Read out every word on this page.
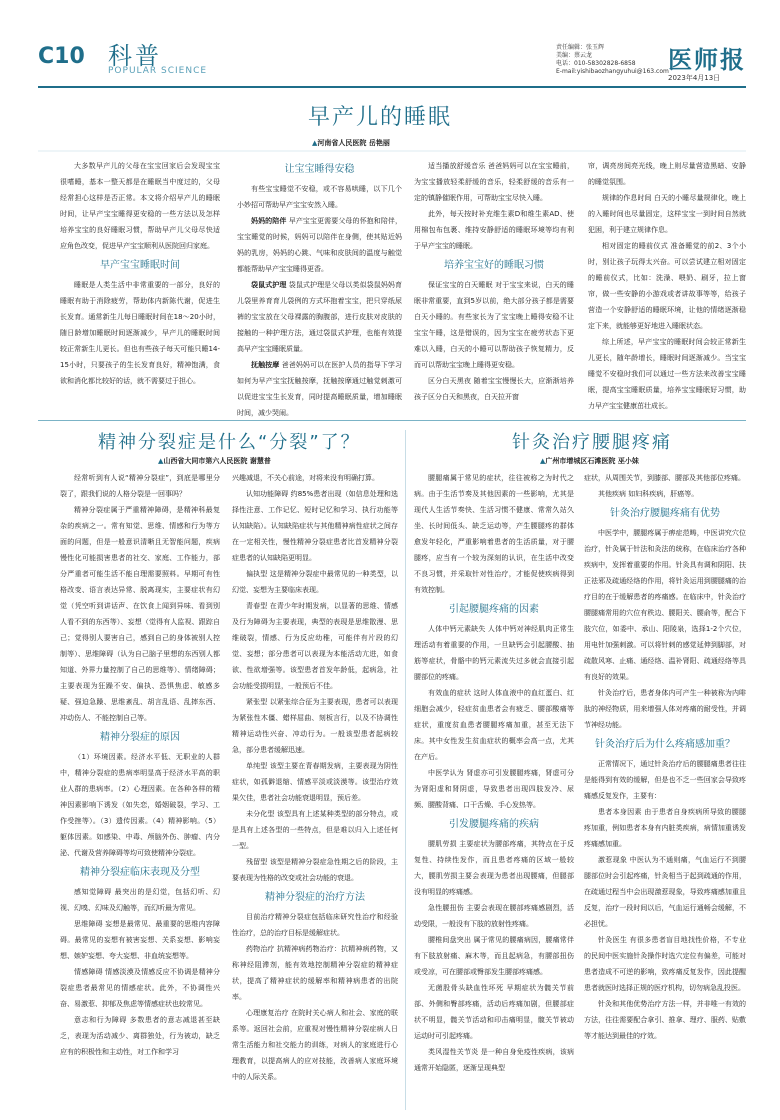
C10 科普
POPULAR SCIENCE
责任编辑：张玉辉
美编：蔡云龙
电话：010-58302828-6858
E-mail:yishibaozhangyuhui@163.com 医师报
2023年4月13日
早产儿的睡眠
▲河南省人民医院 岳艳丽

大多数早产儿的父母在宝宝回家后会发现宝宝很嗜睡，基本一整天都是在睡眠当中度过的，父母经常担心这样是否正常。本文将介绍早产儿的睡眠时间，让早产宝宝睡得更安稳的一些方法以及怎样培养宝宝的良好睡眠习惯，帮助早产儿父母尽快适应角色改变，促进早产宝宝顺利从医院回归家庭。

早产宝宝睡眠时间

睡眠是人类生活中非常重要的一部分，良好的睡眠有助于消除疲劳，帮助体内新陈代谢，促进生长发育。通常新生儿每日睡眠时间在18～20小时，随日龄增加睡眠时间逐渐减少，早产儿的睡眠时间较正常新生儿更长。但也有些孩子每天可能只睡14-15小时，只要孩子的生长发育良好，精神饱满，食欲和消化都比较好的话，就不需要过于担心。

让宝宝睡得安稳

有些宝宝睡觉不安稳，或不容易哄睡，以下几个小妙招可帮助早产宝宝安然入睡。

妈妈的陪伴 早产宝宝更需要父母的怀抱和陪伴，宝宝睡觉的时候，妈妈可以陪伴在身侧，使其贴近妈妈的乳房，妈妈的心跳、气味和皮肤间的温度与触觉都能帮助早产宝宝睡得更香。

袋鼠式护理 袋鼠式护理是父母以类似袋鼠妈妈育儿袋里养育育儿袋例的方式环抱着宝宝，把只穿纸尿裤的宝宝放在父母裸露的胸腹部，进行皮肤对皮肤的接触的一种护理方法，通过袋鼠式护理，也能有效提高早产宝宝睡眠质量。

抚触按摩 爸爸妈妈可以在医护人员的指导下学习如何为早产宝宝抚触按摩，抚触按摩通过触觉刺激可以促进宝宝生长发育，同时提高睡眠质量，增加睡眠时间，减少哭闹。

适当播放舒缓音乐 爸爸妈妈可以在宝宝睡前，为宝宝播放轻柔舒缓的音乐，轻柔舒缓的音乐有一定的镇静催眠作用，可帮助宝宝尽快入睡。

此外，每天按时补充维生素D和维生素AD、使用棉包布包裹、维持安静舒适的睡眠环境等均有利于早产宝宝的睡眠。

培养宝宝好的睡眠习惯

保证宝宝的白天睡眠 对于宝宝来说，白天的睡眠非常重要，直到5岁以前，绝大部分孩子都是需要白天小睡的。有些家长为了宝宝晚上睡得安稳不让宝宝午睡，这是错误的，因为宝宝在疲劳状态下更难以入睡，白天的小睡可以帮助孩子恢复精力，反而可以帮助宝宝晚上睡得更安稳。

区分白天黑夜 随着宝宝慢慢长大，应渐渐培养孩子区分白天和黑夜，白天拉开窗

帘，调亮房间亮光线，晚上则尽量营造黑暗、安静的睡觉氛围。

规律的作息时间 白天的小睡尽量规律化，晚上的入睡时间也尽量固定，这样宝宝一到时间自然就犯困，利于建立规律作息。

相对固定的睡前仪式 准备睡觉的前2、3个小时，别让孩子玩得太兴奋。可以尝试建立相对固定的睡前仪式，比如：洗澡、喂奶、刷牙，拉上窗帘，做一些安静的小游戏或者讲故事等等，给孩子营造一个安静舒适的睡眠环境，让他的情绪逐渐稳定下来，就能够更好地进入睡眠状态。

综上所述，早产宝宝的睡眠时间会较正常新生儿更长，随年龄增长，睡眠时间逐渐减少。当宝宝睡觉不安稳时我们可以通过一些方法来改善宝宝睡眠，提高宝宝睡眠质量，培养宝宝睡眠好习惯，助力早产宝宝健康茁壮成长。

精神分裂症是什么“分裂”了？
▲山西省大同市第六人民医院 谢慧普

经常听到有人说“精神分裂症”，到底是哪里分裂了，跟我们说的人格分裂是一回事吗？

精神分裂症属于严重精神障碍，是精神科最复杂的疾病之一。常有知觉、思维、情感和行为等方面的问题，但是一般意识清晰且无智能问题，疾病慢性化可能损害患者的社交、家庭、工作能力，部分严重者可能生活不能自理需要照料。早期可有性格改变、语言表达异常、脱离现实，主要症状有幻觉（凭空听到讲话声、在饮食上闻到异味、看到别人看不到的东西等）、妄想（觉得有人监视、跟踪自己；觉得别人要害自己，感到自己的身体被别人控制等）、思维障碍（认为自己脑子里想的东西别人都知道、外界力量控制了自己的思维等）、情绪障碍；主要表现为狂躁不安、偏执、恐惧焦虑、敏感多疑、强迫急躁、思维紊乱、胡言乱语、乱摔东西、冲动伤人、不能控制自己等。

精神分裂症的原因

（1）环境因素。经济水平低、无职业的人群中，精神分裂症的患病率明显高于经济水平高的职业人群的患病率。（2）心理因素。在各种各样的精神因素影响下诱发（如失恋，婚姻破裂，学习、工作受挫等）。（3）遗传因素。（4）精神影响。（5）躯体因素。如感染、中毒、颅脑外伤、肿瘤、内分泌、代谢及营养障碍等均可致使精神分裂症。

精神分裂症临床表现及分型

感知觉障碍 最突出的是幻觉，包括幻听、幻视、幻嗅、幻味及幻触等，而幻听最为常见。

思维障碍 妄想是最常见、最重要的思维内容障碍。最常见的妄想有被害妄想、关系妄想、影响妄想、嫉妒妄想、夸大妄想、非血统妄想等。

情感障碍 情感淡漠及情感反应不协调是精神分裂症患者最常见的情感症状。此外，不协调性兴奋、易激惹、抑郁及焦虑等情感症状也较常见。

意志和行为障碍 多数患者的意志减退甚至缺乏，表现为活动减少、离群独处，行为被动，缺乏应有的积极性和主动性，对工作和学习

兴趣减退，不关心前途，对将来没有明确打算。

认知功能障碍 约85%患者出现（如信息处理和选择性注意、工作记忆、短时记忆和学习、执行功能等认知缺陷）。认知缺陷症状与其他精神病性症状之间存在一定相关性，慢性精神分裂症患者比首发精神分裂症患者的认知缺陷更明显。

偏执型 这是精神分裂症中最常见的一种类型，以幻觉、妄想为主要临床表现。

青春型 在青少年时期发病，以显著的思维、情感及行为障碍为主要表现，典型的表现是思维散漫、思维破裂，情感、行为反应幼稚，可能伴有片段的幻觉、妄想；部分患者可以表现为本能活动亢进，如食欲、性欲增强等。该型患者首发年龄低，起病急，社会功能受损明显，一般预后不佳。

紧张型 以紧张综合征为主要表现，患者可以表现为紧张性木僵、蜡样屈曲、刻板言行，以及不协调性精神运动性兴奋、冲动行为。一般该型患者起病较急，部分患者缓解迅速。

单纯型 该型主要在青春期发病，主要表现为阴性症状，如孤僻退缩、情感平淡或淡漠等。该型治疗效果欠佳，患者社会功能衰退明显，预后差。

未分化型 该型具有上述某种类型的部分特点，或是具有上述各型的一些特点，但是难以归入上述任何一型。

残留型 该型是精神分裂症急性期之后的阶段，主要表现为性格的改变或社会功能的衰退。

精神分裂症的治疗方法

目前治疗精神分裂症包括临床研究性治疗和经验性治疗，总的治疗目标是缓解症状。

药物治疗 抗精神病药物治疗：抗精神病药物，又称神经阻滞剂，能有效地控制精神分裂症的精神症状，提高了精神症状的缓解率和精神病患者的出院率。

心理康复治疗 在院时关心病人和社会、家庭的联系等。返回社会前，应重视对慢性精神分裂症病人日常生活能力和社交能力的训练，对病人的家庭进行心理教育，以提高病人的应对技能，改善病人家庭环境中的人际关系。

针灸治疗腰腿疼痛
▲广州市增城区石滩医院 巫小妹

腰腿痛属于常见的症状，往往被称之为时代之病。由于生活节奏及其他因素的一些影响，尤其是现代人生活节奏快、生活习惯不健康、常常久站久坐、长时间低头、缺乏运动等，产生腰腿疼的群体愈发年轻化，严重影响着患者的生活质量，对于腰腿疼，应当有一个较为深刻的认识，在生活中改变不良习惯，并采取针对性治疗，才能促使疾病得到有效控制。

引起腰腿疼痛的因素

人体中钙元素缺失 人体中钙对神经肌肉正常生理活动有着重要的作用，一旦缺钙会引起腰酸、抽筋等症状，骨骼中的钙元素流失过多就会直接引起腰部位的疼痛。

有效血的症状 这时人体血液中的血红蛋白、红细胞会减少，轻症贫血患者会有疲乏、腰部酸痛等症状，重度贫血患者腰腿疼痛加重，甚至无法下床。其中女性发生贫血症状的概率会高一点，尤其在产后。

中医学认为 肾虚亦可引发腰腿疼痛，肾虚可分为肾阳虚和肾阴虚，导致患者出现四肢发冷、尿频、腰酸背痛、口干舌燥、手心发热等。

引发腰腿疼痛的疾病

腰肌劳损 主要症状为腰部疼痛，其特点在于反复性、持续性发作，而且患者疼痛的区域一般较大，腰肌劳损主要会表现为患者出现腰痛，但腿部没有明显的疼痛感。

急性腰扭伤 主要会表现在腰部疼痛感剧烈，活动受限，一般没有下肢的放射性疼痛。

腰椎间盘突出 属于常见的腰痛病因，腰痛常伴有下肢放射痛、麻木等，而且起病急，有腰部扭伤或受凉，可在腰部或臀部发生腰部疼痛感。

无菌股骨头缺血性坏死 早期症状为髋关节前部、外侧和臀部疼痛，活动后疼痛加剧，但腰部症状不明显，髋关节活动和印击痛明显，髋关节被动运动时可引起疼痛。

类风湿性关节炎 是一种自身免疫性疾病，该病通常开始隐匿，逐渐呈现典型

症状，从周围关节，到膝部、腰部及其他部位疼痛。

其他疾病 如妇科疾病，肝癌等。

针灸治疗腰腿疼痛有优势

中医学中，腰腿疼属于痹症范畴，中医讲究穴位治疗，针灸属于针法和灸法的统称，在临床治疗各种疾病中，发挥着重要的作用。针灸具有调和阴阳、扶正祛邪及疏通经络的作用，将针灸运用到腰腿痛的治疗目的在于缓解患者的疼痛感。在临床中，针灸治疗腰腿痛常用的穴位有秩边、腰阳关、腰俞等，配合下肢穴位，如委中、承山、阳陵泉，选择1-2个穴位，用电针加强刺激。可以将针刺的感觉延伸到脚部，对疏散风寒、止痛、通经络、温补肾阳、疏通经络等具有良好的效果。

针灸治疗后，患者身体内可产生一种被称为内啡肽的神经物质，用来增强人体对疼痛的耐受性，并调节神经功能。

针灸治疗后为什么疼痛感加重？

正常情况下，通过针灸治疗后的腰腿痛患者往往是能得到有效的缓解，但是也不乏一些回家会导致疼痛感反复发作，主要有：

患者本身因素 由于患者自身疾病所导致的腰腿疼加重，例如患者本身有内脏类疾病，病情加重诱发疼痛感加重。

激惹现象 中医认为不通则痛，气血运行不到腰腿部位时会引起疼痛，针灸相当于起到疏通的作用，在疏通过程当中会出现激惹现象，导致疼痛感加重且反复，治疗一段时间以后，气血运行通畅会缓解，不必担忧。

针灸医生 有很多患者盲目地找性价格，不专业的民间中医实施针灸操作时选穴定位有偏差，可能对患者造成不可逆的影响，致疼痛反复发作，因此提醒患者就医时选择正规的医疗机构，切勿病急乱投医。

针灸和其他优势治疗方法一样，并非唯一有效的方法，往往需要配合拿引、推拿、理疗、服药、贴敷等才能达到最佳的疗效。
